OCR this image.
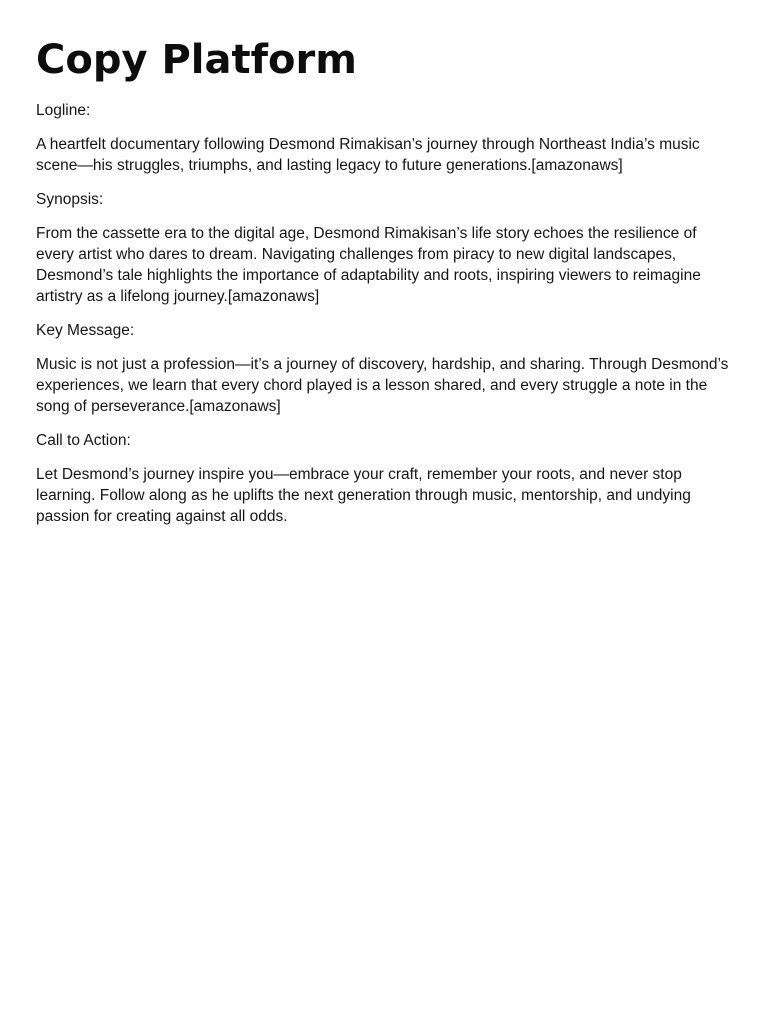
Copy Platform

Logline:

A heartfelt documentary following Desmond Rimakisan’s journey through Northeast India’s music scene—his struggles, triumphs, and lasting legacy to future generations.[amazonaws]

Synopsis:

From the cassette era to the digital age, Desmond Rimakisan’s life story echoes the resilience of every artist who dares to dream. Navigating challenges from piracy to new digital landscapes, Desmond’s tale highlights the importance of adaptability and roots, inspiring viewers to reimagine artistry as a lifelong journey.[amazonaws]

Key Message:

Music is not just a profession—it’s a journey of discovery, hardship, and sharing. Through Desmond’s experiences, we learn that every chord played is a lesson shared, and every struggle a note in the song of perseverance.[amazonaws]

Call to Action:

Let Desmond’s journey inspire you—embrace your craft, remember your roots, and never stop learning. Follow along as he uplifts the next generation through music, mentorship, and undying passion for creating against all odds.
